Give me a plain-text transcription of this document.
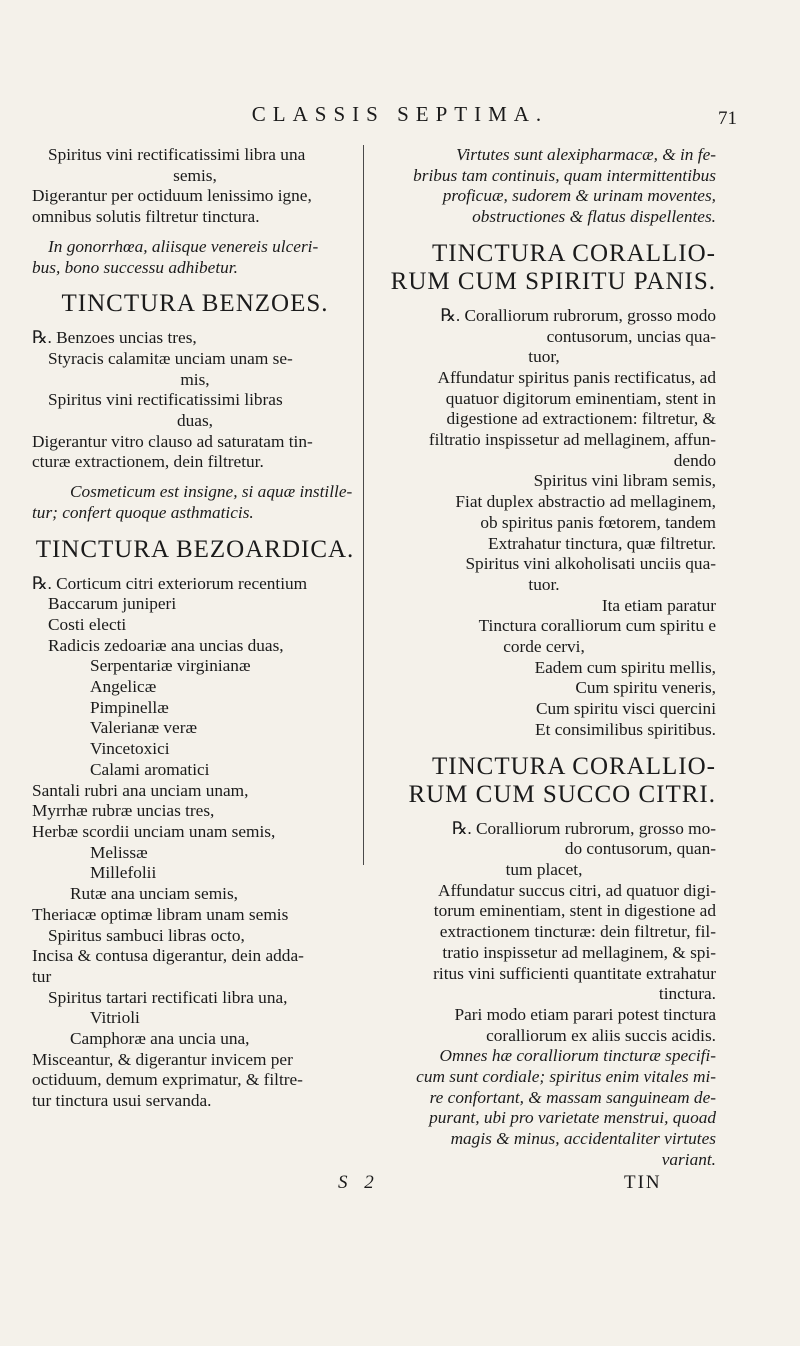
CLASSIS SEPTIMA.	71
Spiritus vini rectificatissimi libra una
semis,
Digerantur per octiduum lenissimo igne,
omnibus solutis filtretur tinctura.
In gonorrhœa, aliisque venereis ulceri-
bus, bono successu adhibetur.
TINCTURA BENZOES.
℞. Benzoes uncias tres,
Styracis calamitæ unciam unam se-
mis,
Spiritus vini rectificatissimi libras
duas,
Digerantur vitro clauso ad saturatam tin-
cturæ extractionem, dein filtretur.
Cosmeticum est insigne, si aquæ instille-
tur; confert quoque asthmaticis.
TINCTURA BEZOARDICA.
℞. Corticum citri exteriorum recentium
Baccarum juniperi
Costi electi
Radicis zedoariæ ana uncias duas,
Serpentariæ virginianæ
Angelicæ
Pimpinellæ
Valerianæ veræ
Vincetoxici
Calami aromatici
Santali rubri ana unciam unam,
Myrrhæ rubræ uncias tres,
Herbæ scordii unciam unam semis,
Melissæ
Millefolii
Rutæ ana unciam semis,
Theriacæ optimæ libram unam semis
Spiritus sambuci libras octo,
Incisa & contusa digerantur, dein adda-
tur
Spiritus tartari rectificati libra una,
Vitrioli
Camphoræ ana uncia una,
Misceantur, & digerantur invicem per
octiduum, demum exprimatur, & filtre-
tur tinctura usui servanda.
Virtutes sunt alexipharmacæ, & in fe-
bribus tam continuis, quam intermittentibus
proficuæ, sudorem & urinam moventes,
obstructiones & flatus dispellentes.
TINCTURA CORALLIO-
RUM CUM SPIRITU PANIS.
℞. Coralliorum rubrorum, grosso modo
contusorum, uncias qua-
tuor,
Affundatur spiritus panis rectificatus, ad
quatuor digitorum eminentiam, stent in
digestione ad extractionem: filtretur, &
filtratio inspissetur ad mellaginem, affun-
dendo
Spiritus vini libram semis,
Fiat duplex abstractio ad mellaginem,
ob spiritus panis fœtorem, tandem
Extrahatur tinctura, quæ filtretur.
Spiritus vini alkoholisati unciis qua-
tuor.
Ita etiam paratur
Tinctura coralliorum cum spiritu e
corde cervi,
Eadem cum spiritu mellis,
Cum spiritu veneris,
Cum spiritu visci quercini
Et consimilibus spiritibus.
TINCTURA CORALLIO-
RUM CUM SUCCO CITRI.
℞. Coralliorum rubrorum, grosso mo-
do contusorum, quan-
tum placet,
Affundatur succus citri, ad quatuor digi-
torum eminentiam, stent in digestione ad
extractionem tincturæ: dein filtretur, fil-
tratio inspissetur ad mellaginem, & spi-
ritus vini sufficienti quantitate extrahatur
tinctura.
Pari modo etiam parari potest tinctura
coralliorum ex aliis succis acidis.
Omnes hæ coralliorum tincturæ specifi-
cum sunt cordiale; spiritus enim vitales mi-
re confortant, & massam sanguineam de-
purant, ubi pro varietate menstrui, quoad
magis & minus, accidentaliter virtutes
variant.
S 2	TIN
